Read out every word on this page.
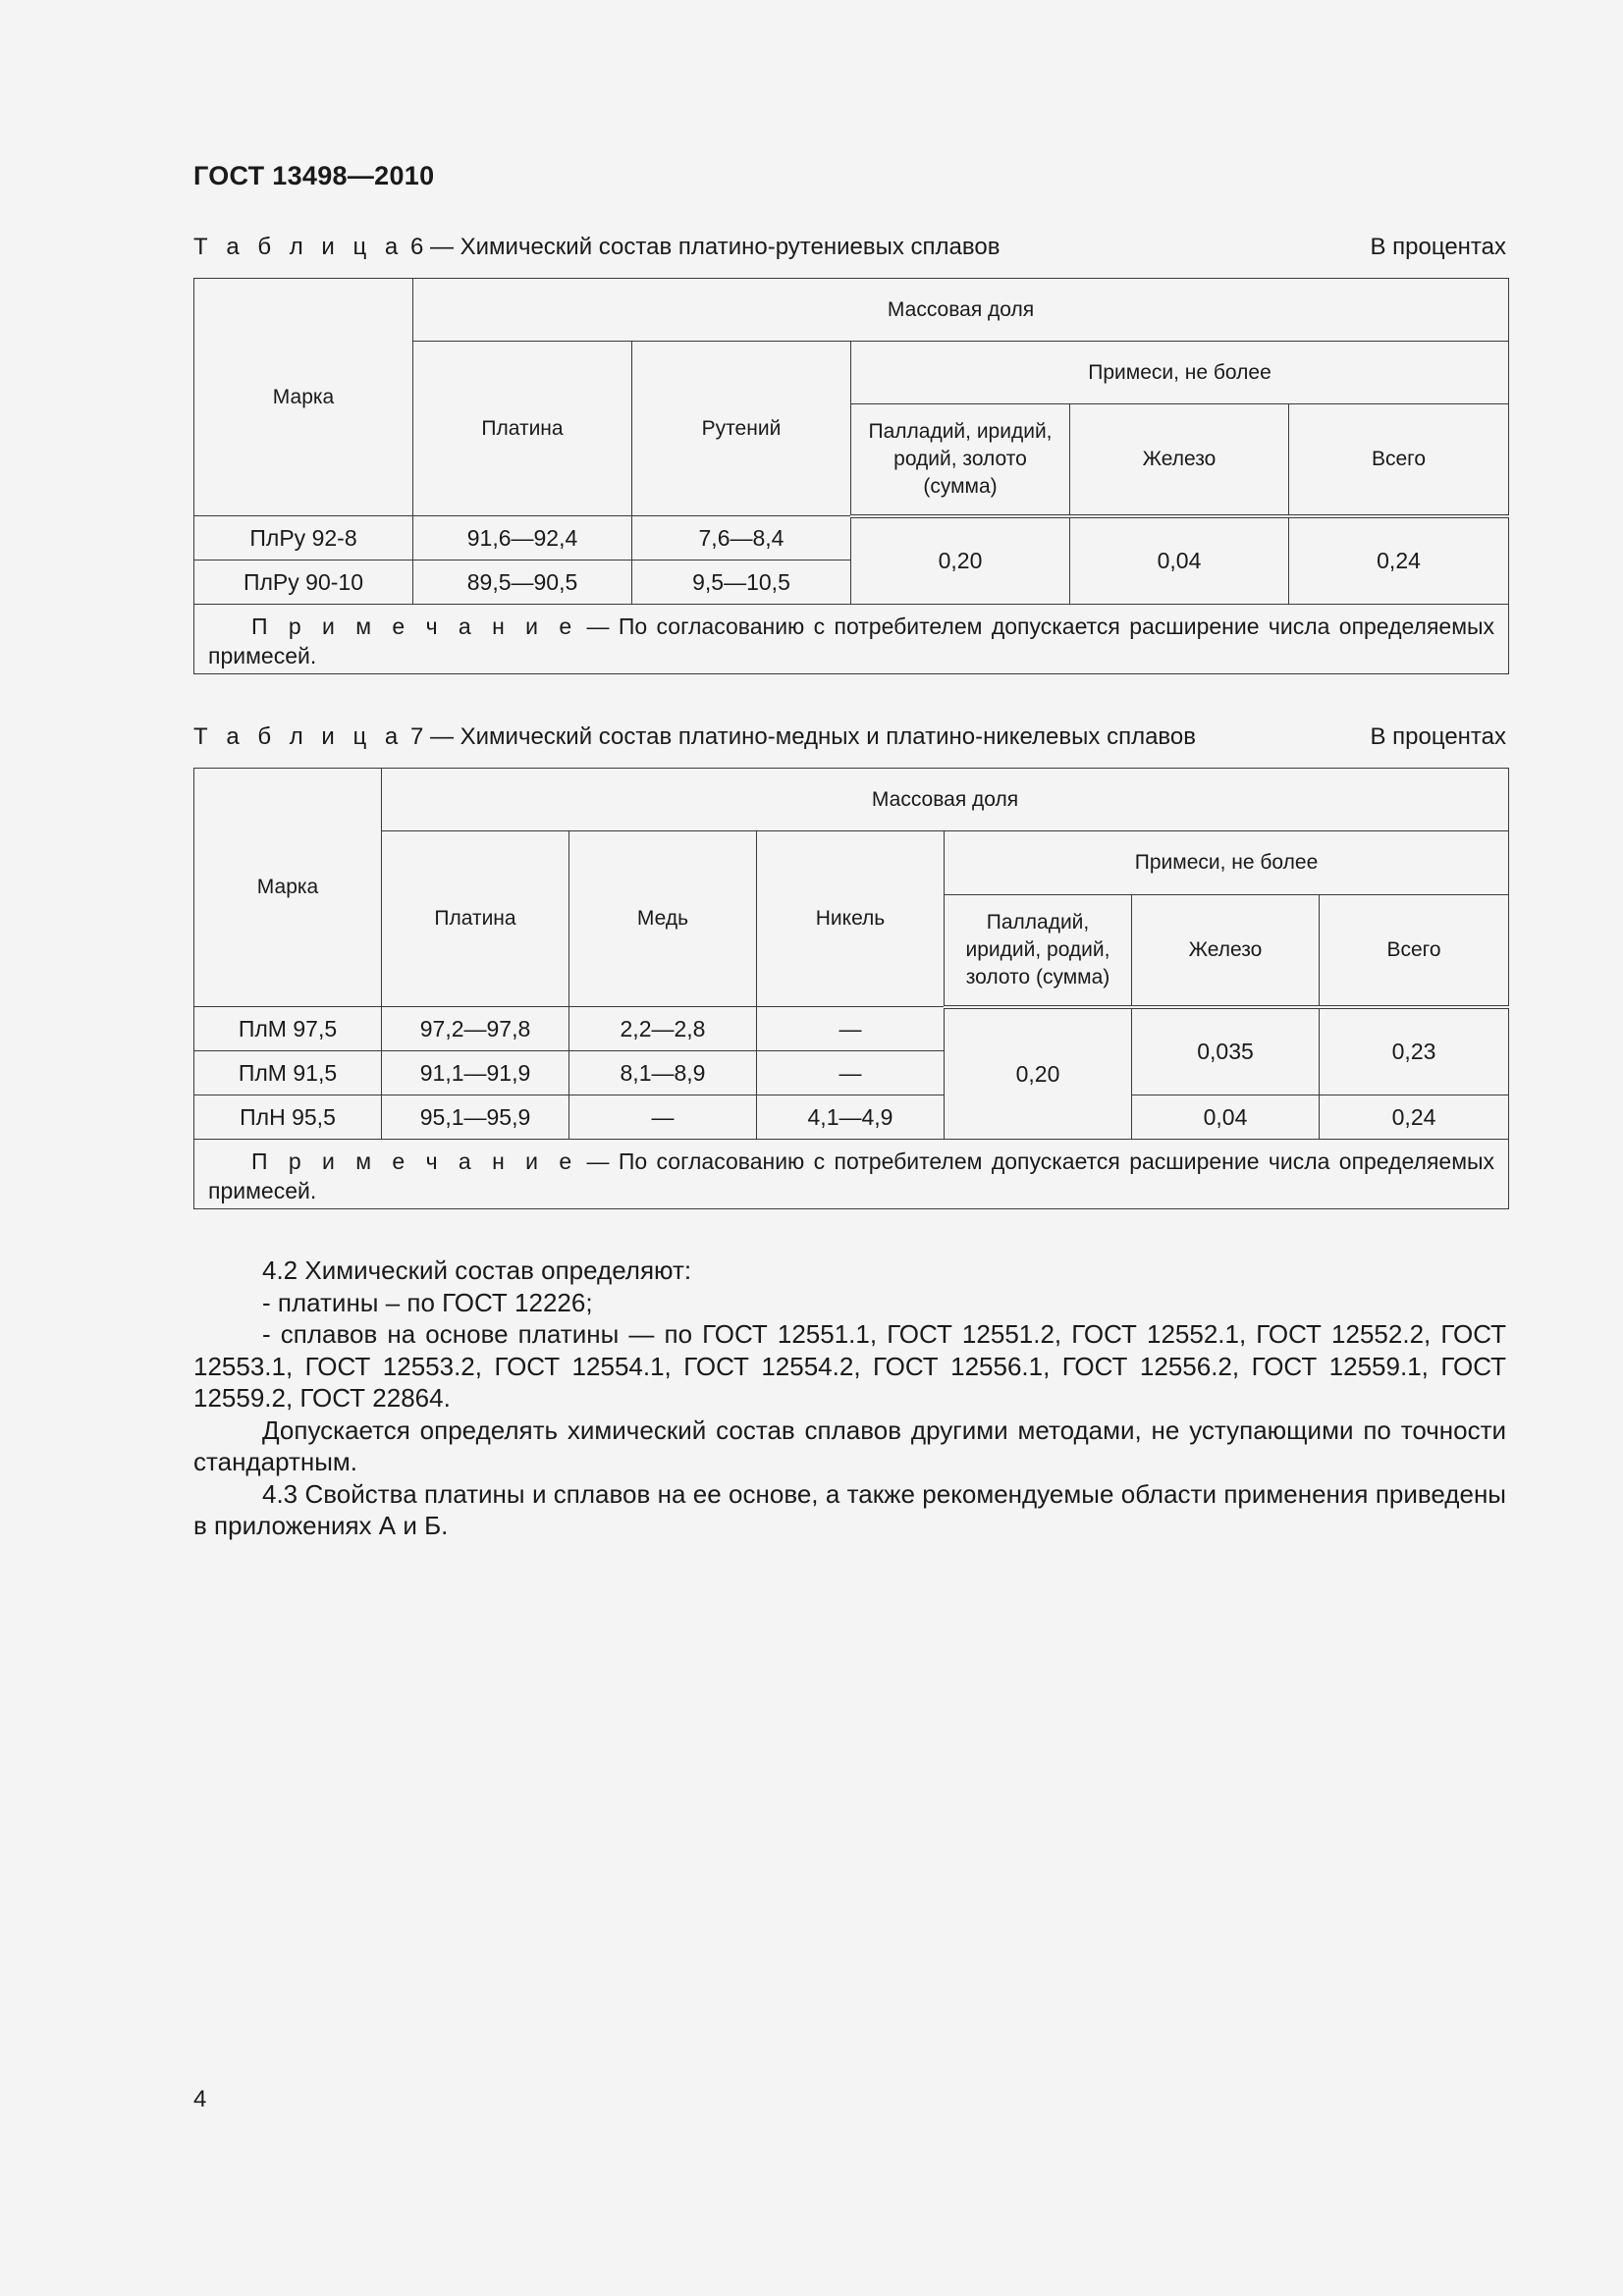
ГОСТ 13498—2010
Т а б л и ц а 6 — Химический состав платино-рутениевых сплавов	В процентах
Марка	Массовая доля				
	Платина	Рутений	Примеси, не более		
			Палладий, иридий, родий, золото (сумма)	Железо	Всего
ПлРу 92-8	91,6—92,4	7,6—8,4	0,20	0,04	0,24
ПлРу 90-10	89,5—90,5	9,5—10,5			
П р и м е ч а н и е — По согласованию с потребителем допускается расширение числа определяемых примесей.					
Т а б л и ц а 7 — Химический состав платино-медных и платино-никелевых сплавов	В процентах
Марка	Массовая доля					
	Платина	Медь	Никель	Примеси, не более		
				Палладий, иридий, родий, золото (сумма)	Железо	Всего
ПлМ 97,5	97,2—97,8	2,2—2,8	—	0,20	0,035	0,23
ПлМ 91,5	91,1—91,9	8,1—8,9	—			
ПлН 95,5	95,1—95,9	—	4,1—4,9		0,04	0,24
П р и м е ч а н и е — По согласованию с потребителем допускается расширение числа определяемых примесей.						

4.2 Химический состав определяют:

- платины – по ГОСТ 12226;

- сплавов на основе платины — по ГОСТ 12551.1, ГОСТ 12551.2, ГОСТ 12552.1, ГОСТ 12552.2, ГОСТ 12553.1, ГОСТ 12553.2, ГОСТ 12554.1, ГОСТ 12554.2, ГОСТ 12556.1, ГОСТ 12556.2, ГОСТ 12559.1, ГОСТ 12559.2, ГОСТ 22864.

Допускается определять химический состав сплавов другими методами, не уступающими по точности стандартным.

4.3 Свойства платины и сплавов на ее основе, а также рекомендуемые области применения приведены в приложениях А и Б.

4
